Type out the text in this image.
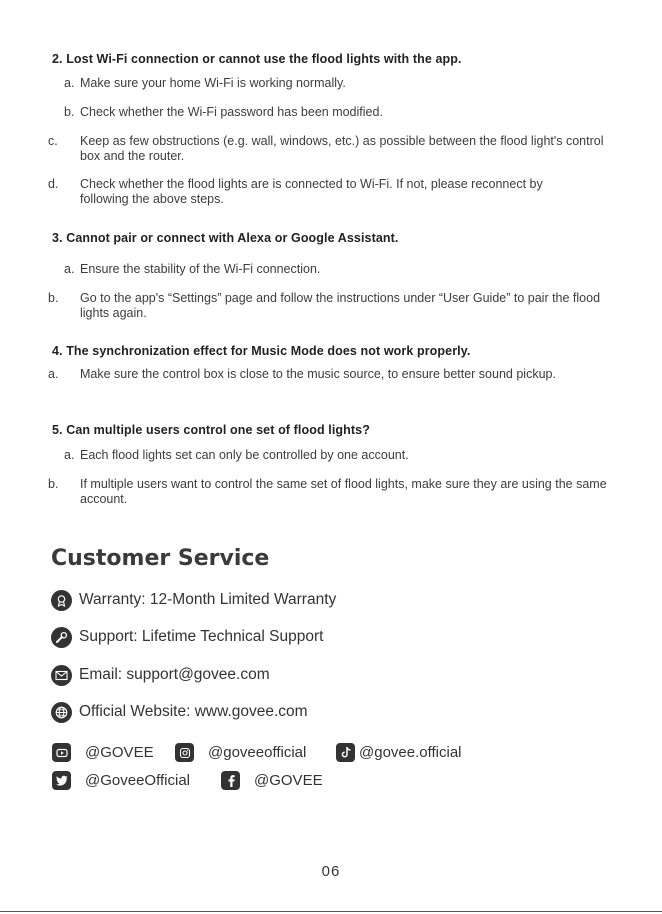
2. Lost Wi-Fi connection or cannot use the flood lights with the app.
a. Make sure your home Wi-Fi is working normally.
b. Check whether the Wi-Fi password has been modified.
c. Keep as few obstructions (e.g. wall, windows, etc.) as possible between the flood light's control box and the router.
d. Check whether the flood lights are is connected to Wi-Fi. If not, please reconnect by following the above steps.
3. Cannot pair or connect with Alexa or Google Assistant.
a. Ensure the stability of the Wi-Fi connection.
b. Go to the app's “Settings” page and follow the instructions under “User Guide” to pair the flood lights again.
4. The synchronization effect for Music Mode does not work properly.
a. Make sure the control box is close to the music source, to ensure better sound pickup.
5. Can multiple users control one set of flood lights?
a. Each flood lights set can only be controlled by one account.
b. If multiple users want to control the same set of flood lights, make sure they are using the same account.
Customer Service
Warranty: 12-Month Limited Warranty
Support: Lifetime Technical Support
Email: support@govee.com
Official Website: www.govee.com
@GOVEE	@goveeofficial	@govee.official
@GoveeOfficial	@GOVEE
06
